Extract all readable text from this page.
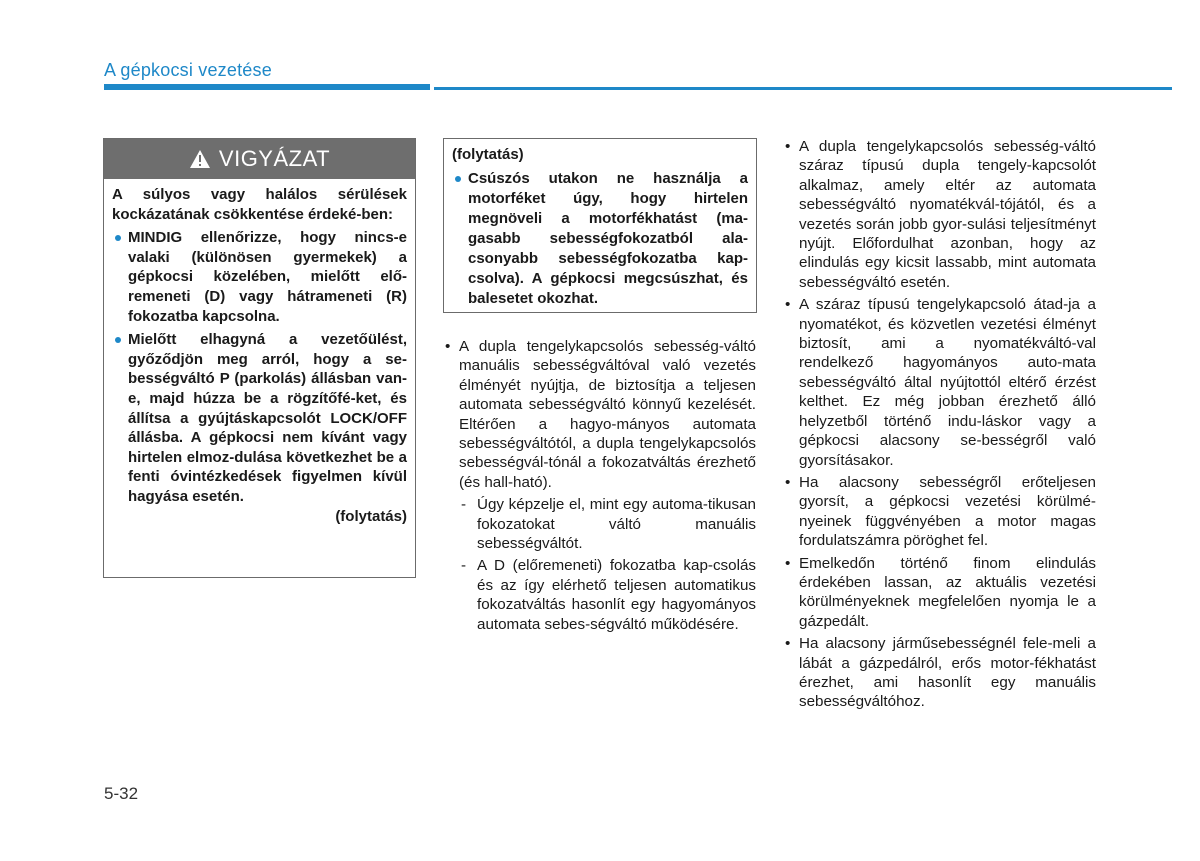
A gépkocsi vezetése
VIGYÁZAT

A súlyos vagy halálos sérülések kockázatának csökkentése érdeké-ben:

MINDIG ellenőrizze, hogy nincs-e valaki (különösen gyermekek) a gépkocsi közelében, mielőtt elő-remeneti (D) vagy hátrameneti (R) fokozatba kapcsolna.
Mielőtt elhagyná a vezetőülést, győződjön meg arról, hogy a se-bességváltó P (parkolás) állásban van-e, majd húzza be a rögzítőfé-ket, és állítsa a gyújtáskapcsolót LOCK/OFF állásba. A gépkocsi nem kívánt vagy hirtelen elmoz-dulása következhet be a fenti óvintézkedések figyelmen kívül hagyása esetén.

(folytatás)

(folytatás)

Csúszós utakon ne használja a motorféket úgy, hogy hirtelen megnöveli a motorfékhatást (ma-gasabb sebességfokozatból ala-csonyabb sebességfokozatba kap-csolva). A gépkocsi megcsúszhat, és balesetet okozhat.
• A dupla tengelykapcsolós sebesség-váltó manuális sebességváltóval való vezetés élményét nyújtja, de biztosítja a teljesen automata sebességváltó könnyű kezelését. Eltérően a hagyo-mányos automata sebességváltótól, a dupla tengelykapcsolós sebességvál-tónál a fokozatváltás érezhető (és hall-ható).
- Úgy képzelje el, mint egy automa-tikusan fokozatokat váltó manuális sebességváltót.
- A D (előremeneti) fokozatba kap-csolás és az így elérhető teljesen automatikus fokozatváltás hasonlít egy hagyományos automata sebes-ségváltó működésére.
• A dupla tengelykapcsolós sebesség-váltó száraz típusú dupla tengely-kapcsolót alkalmaz, amely eltér az automata sebességváltó nyomatékvál-tójától, és a vezetés során jobb gyor-sulási teljesítményt nyújt. Előfordulhat azonban, hogy az elindulás egy kicsit lassabb, mint automata sebességváltó esetén.
• A száraz típusú tengelykapcsoló átad-ja a nyomatékot, és közvetlen vezetési élményt biztosít, ami a nyomatékváltó-val rendelkező hagyományos auto-mata sebességváltó által nyújtottól eltérő érzést kelthet. Ez még jobban érezhető álló helyzetből történő indu-láskor vagy a gépkocsi alacsony se-bességről való gyorsításakor.
• Ha alacsony sebességről erőteljesen gyorsít, a gépkocsi vezetési körülmé-nyeinek függvényében a motor magas fordulatszámra pöröghet fel.
• Emelkedőn történő finom elindulás érdekében lassan, az aktuális vezetési körülményeknek megfelelően nyomja le a gázpedált.
• Ha alacsony járműsebességnél fele-meli a lábát a gázpedálról, erős motor-fékhatást érezhet, ami hasonlít egy manuális sebességváltóhoz.
5-32
